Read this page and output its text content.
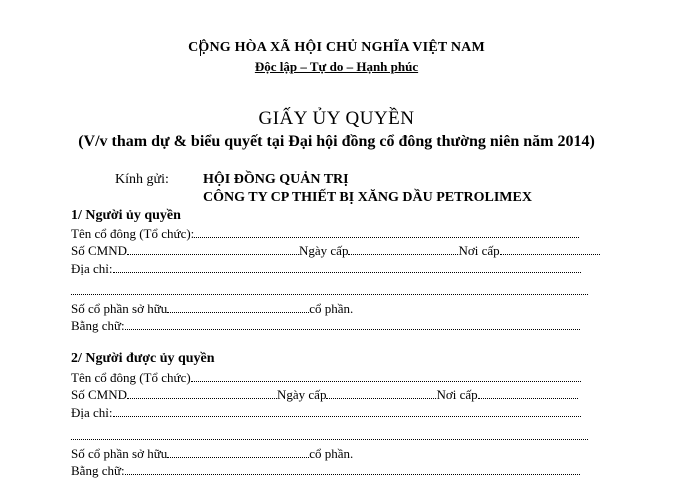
CỘNG HÒA XÃ HỘI CHỦ NGHĨA VIỆT NAM
Độc lập – Tự do – Hạnh phúc
GIẤY ỦY QUYỀN
(V/v tham dự & biểu quyết tại Đại hội đồng cổ đông thường niên năm 2014)
Kính gửi: HỘI ĐỒNG QUẢN TRỊ
CÔNG TY CP THIẾT BỊ XĂNG DẦU PETROLIMEX
1/ Người ủy quyền
Tên cổ đông (Tổ chức):
Số CMND	Ngày cấp	Nơi cấp
Địa chỉ:
Số cổ phần sở hữu	cổ phần.
Bằng chữ:
2/ Người được ủy quyền
Tên cổ đông (Tổ chức)
Số CMND	Ngày cấp	Nơi cấp
Địa chỉ:
Số cổ phần sở hữu	cổ phần.
Bằng chữ:
